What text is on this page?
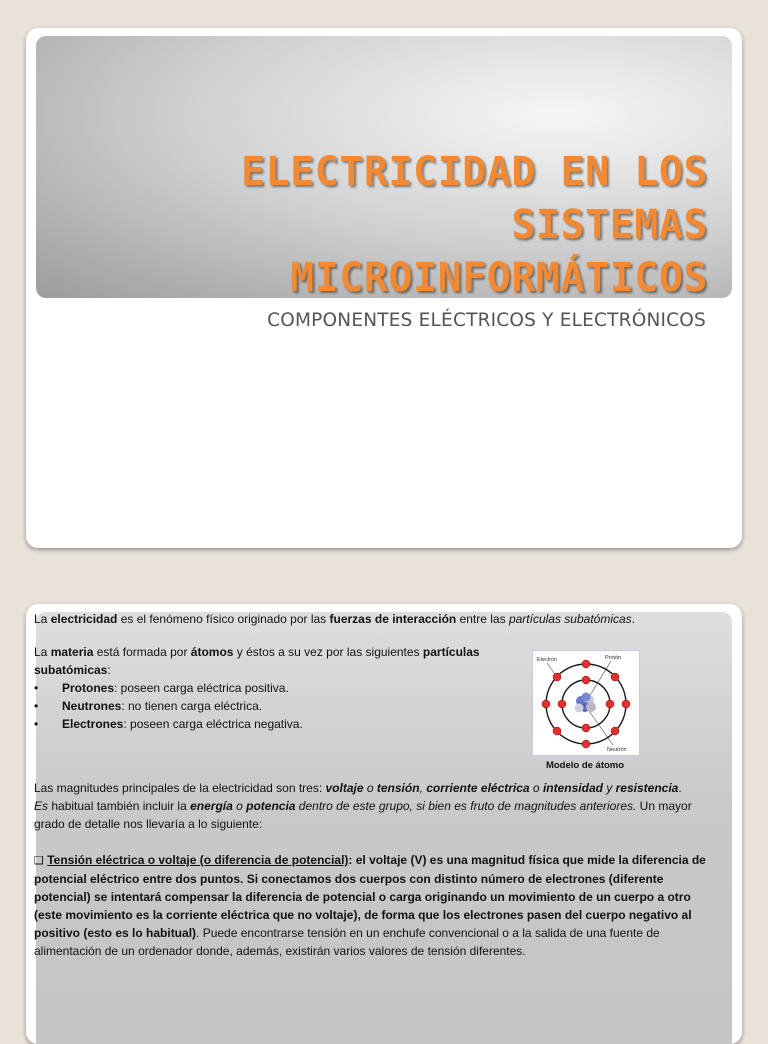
ELECTRICIDAD EN LOS
SISTEMAS
MICROINFORMÁTICOS

COMPONENTES ELÉCTRICOS Y ELECTRÓNICOS

La electricidad es el fenómeno físico originado por las fuerzas de interacción entre las partículas subatómicas.

La materia está formada por átomos y éstos a su vez por las siguientes partículas
subatómicas:

• Protones: poseen carga eléctrica positiva.

• Neutrones: no tienen carga eléctrica.

• Electrones: poseen carga eléctrica negativa.

Las magnitudes principales de la electricidad son tres: voltaje o tensión, corriente eléctrica o intensidad y resistencia.
Es habitual también incluir la energía o potencia dentro de este grupo, si bien es fruto de magnitudes anteriores. Un mayor grado de detalle nos llevaría a lo siguiente:

❑ Tensión eléctrica o voltaje (o diferencia de potencial): el voltaje (V) es una magnitud física que mide la diferencia de potencial eléctrico entre dos puntos. Si conectamos dos cuerpos con distinto número de electrones (diferente potencial) se intentará compensar la diferencia de potencial o carga originando un movimiento de un cuerpo a otro (este movimiento es la corriente eléctrica que no voltaje), de forma que los electrones pasen del cuerpo negativo al positivo (esto es lo habitual). Puede encontrarse tensión en un enchufe convencional o a la salida de una fuente de alimentación de un ordenador donde, además, existirán varios valores de tensión diferentes.

Electrón	Protón
Neutrón
Modelo de átomo
